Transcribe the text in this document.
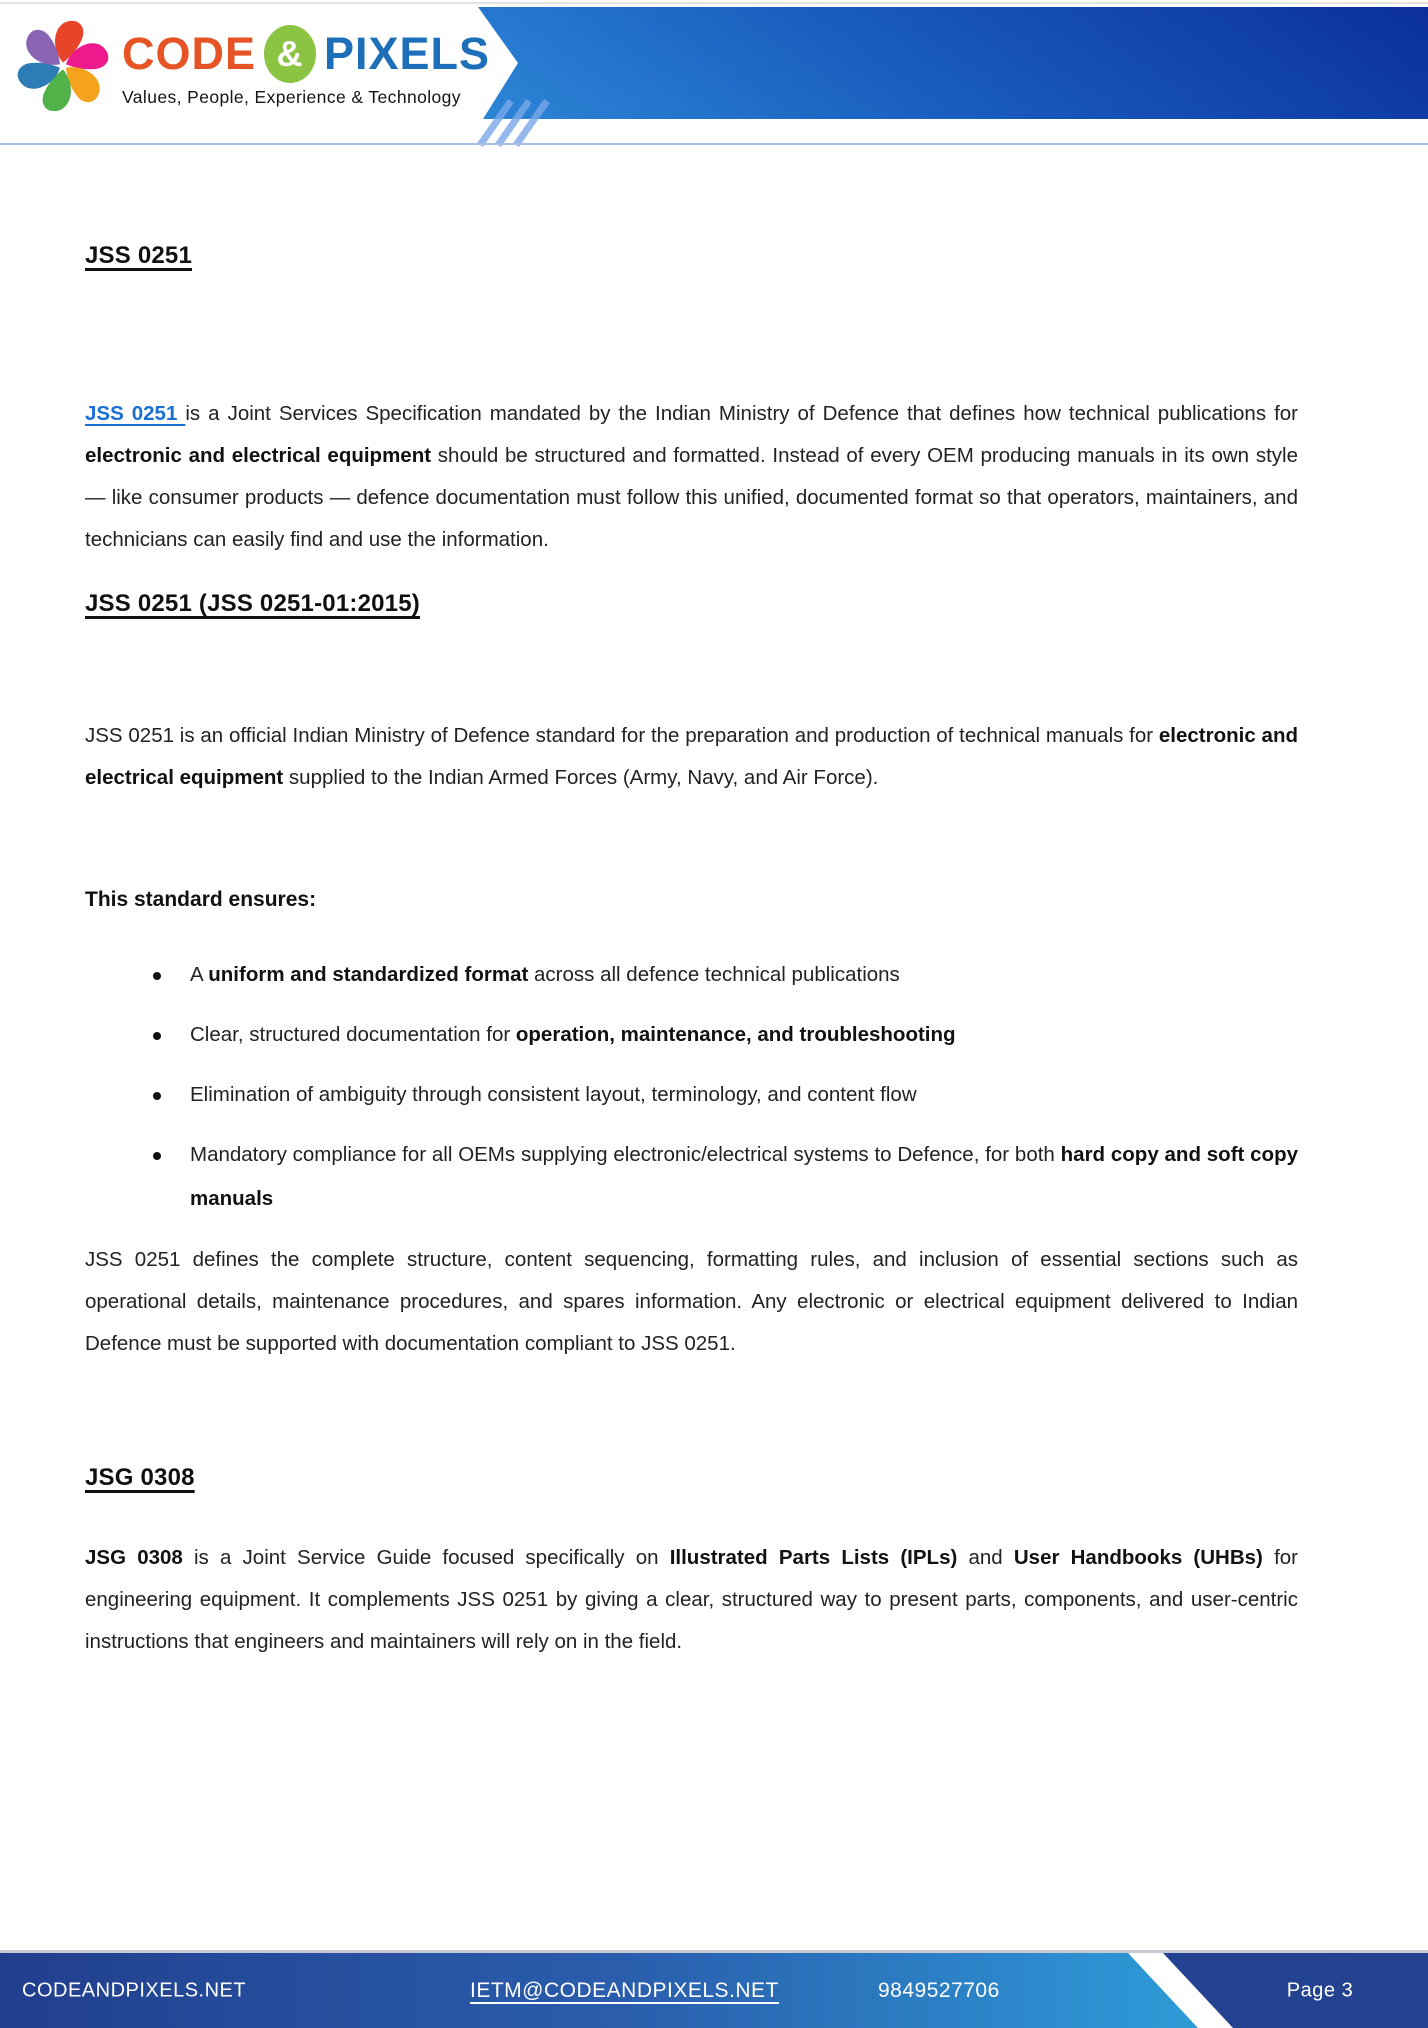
CODE & PIXELS
Values, People, Experience & Technology
JSS 0251

JSS 0251 is a Joint Services Specification mandated by the Indian Ministry of Defence that defines how technical publications for electronic and electrical equipment should be structured and formatted. Instead of every OEM producing manuals in its own style — like consumer products — defence documentation must follow this unified, documented format so that operators, maintainers, and technicians can easily find and use the information.

JSS 0251 (JSS 0251-01:2015)

JSS 0251 is an official Indian Ministry of Defence standard for the preparation and production of technical manuals for electronic and electrical equipment supplied to the Indian Armed Forces (Army, Navy, and Air Force).

This standard ensures:

A uniform and standardized format across all defence technical publications
Clear, structured documentation for operation, maintenance, and troubleshooting
Elimination of ambiguity through consistent layout, terminology, and content flow
Mandatory compliance for all OEMs supplying electronic/electrical systems to Defence, for both hard copy and soft copy manuals

JSS 0251 defines the complete structure, content sequencing, formatting rules, and inclusion of essential sections such as operational details, maintenance procedures, and spares information. Any electronic or electrical equipment delivered to Indian Defence must be supported with documentation compliant to JSS 0251.

JSG 0308

JSG 0308 is a Joint Service Guide focused specifically on Illustrated Parts Lists (IPLs) and User Handbooks (UHBs) for engineering equipment. It complements JSS 0251 by giving a clear, structured way to present parts, components, and user-centric instructions that engineers and maintainers will rely on in the field.

CODEANDPIXELS.NET	IETM@CODEANDPIXELS.NET	9849527706	Page 3
